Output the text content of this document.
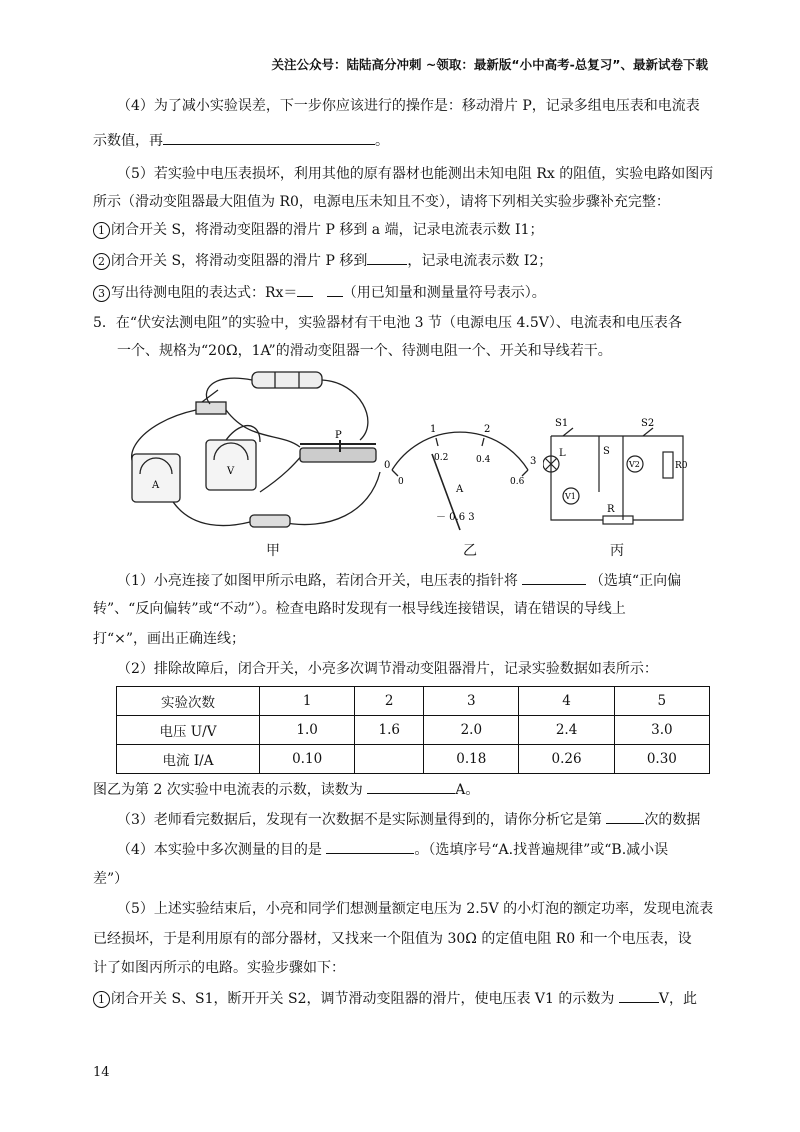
关注公众号：陆陆高分冲刺 ~领取：最新版“小中高考-总复习”、最新试卷下载
（4）为了减小实验误差，下一步你应该进行的操作是：移动滑片 P，记录多组电压表和电流表
示数值，再	。
（5）若实验中电压表损坏，利用其他的原有器材也能测出未知电阻 Rx 的阻值，实验电路如图丙
所示（滑动变阻器最大阻值为 R0，电源电压未知且不变），请将下列相关实验步骤补充完整：
1 闭合开关 S，将滑动变阻器的滑片 P 移到 a 端，记录电流表示数 I1；
2 闭合开关 S，将滑动变阻器的滑片 P 移到	，记录电流表示数 I2；
3 写出待测电阻的表达式：Rx＝	（用已知量和测量量符号表示）。
5．在“伏安法测电阻”的实验中，实验器材有干电池 3 节（电源电压 4.5V）、电流表和电压表各
一个、规格为“20Ω，1A”的滑动变阻器一个、待测电阻一个、开关和导线若干。
A
V
P
0
1	2
3
0
0.2	0.4
0.6
A
－ 0.6 3
S1	S2
S
L
V1
V2	R0
R
甲	乙	丙
（1）小亮连接了如图甲所示电路，若闭合开关，电压表的指针将	（选填“正向偏
转”、“反向偏转”或“不动”）。检查电路时发现有一根导线连接错误，请在错误的导线上
打“×”，画出正确连线；
（2）排除故障后，闭合开关，小亮多次调节滑动变阻器滑片，记录实验数据如表所示：
实验次数	1	2	3	4	5
电压 U/V	1.0	1.6	2.0	2.4	3.0
电流 I/A	0.10		0.18	0.26	0.30
图乙为第 2 次实验中电流表的示数，读数为	A。
（3）老师看完数据后，发现有一次数据不是实际测量得到的，请你分析它是第	次的数据
（4）本实验中多次测量的目的是	。（选填序号“A.找普遍规律”或“B.减小误
差”）
（5）上述实验结束后，小亮和同学们想测量额定电压为 2.5V 的小灯泡的额定功率，发现电流表
已经损坏，于是利用原有的部分器材，又找来一个阻值为 30Ω 的定值电阻 R0 和一个电压表，设
计了如图丙所示的电路。实验步骤如下：
1 闭合开关 S、S1，断开开关 S2，调节滑动变阻器的滑片，使电压表 V1 的示数为	V，此
14
